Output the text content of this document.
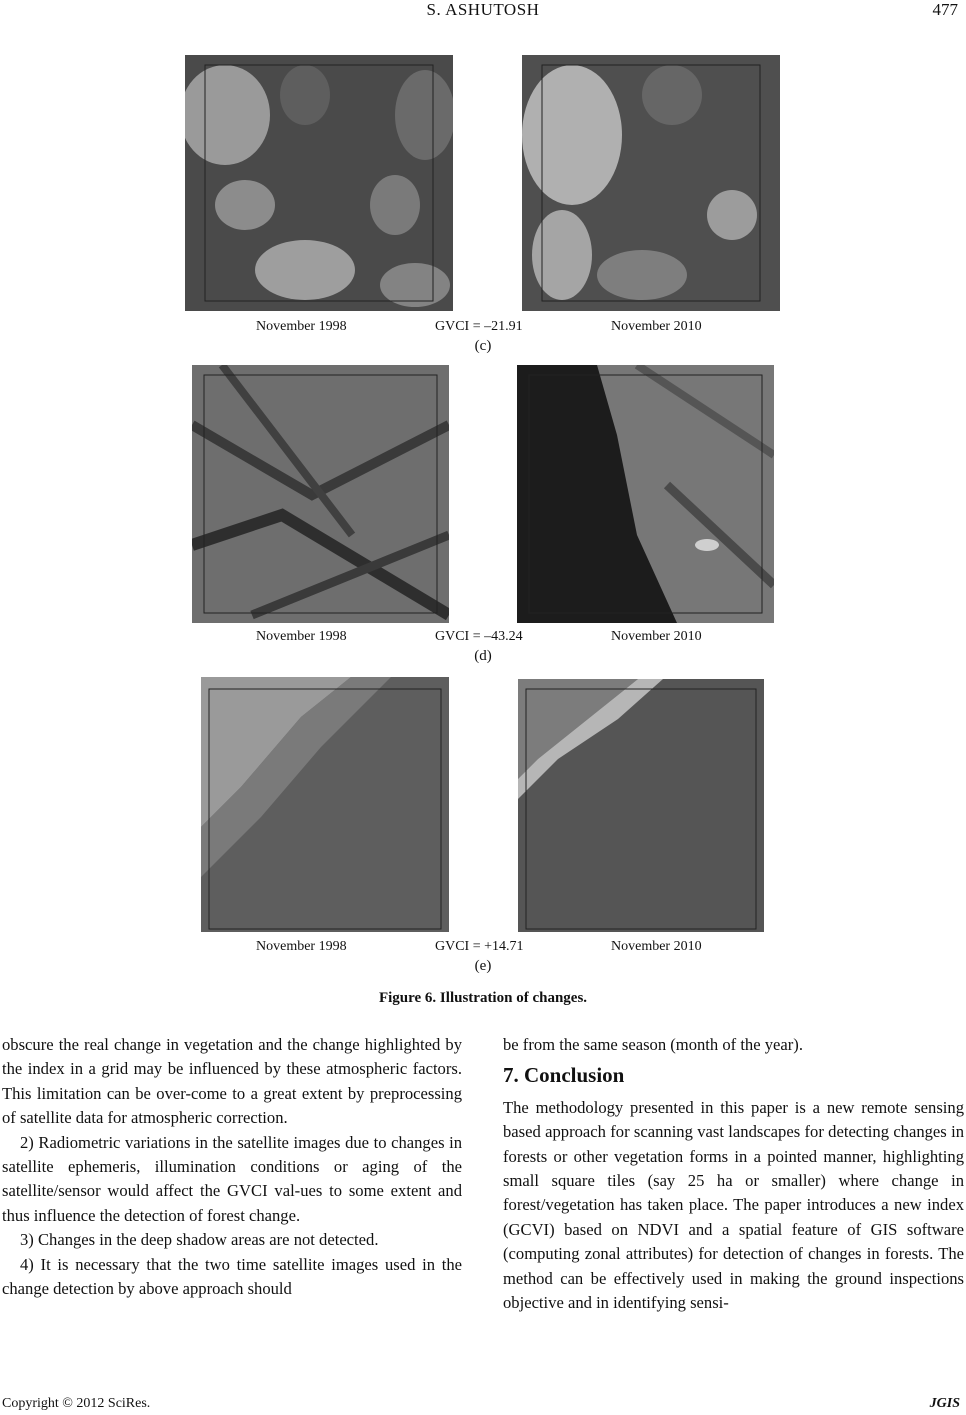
S. ASHUTOSH	477
November 1998	GVCI = –21.91	November 2010
(c)
November 1998	GVCI = –43.24	November 2010
(d)
November 1998	GVCI = +14.71	November 2010
(e)
Figure 6. Illustration of changes.

obscure the real change in vegetation and the change highlighted by the index in a grid may be influenced by these atmospheric factors. This limitation can be over-come to a great extent by preprocessing of satellite data for atmospheric correction.

2) Radiometric variations in the satellite images due to changes in satellite ephemeris, illumination conditions or aging of the satellite/sensor would affect the GVCI val-ues to some extent and thus influence the detection of forest change.

3) Changes in the deep shadow areas are not detected.

4) It is necessary that the two time satellite images used in the change detection by above approach should

be from the same season (month of the year).

7. Conclusion

The methodology presented in this paper is a new remote sensing based approach for scanning vast landscapes for detecting changes in forests or other vegetation forms in a pointed manner, highlighting small square tiles (say 25 ha or smaller) where change in forest/vegetation has taken place. The paper introduces a new index (GCVI) based on NDVI and a spatial feature of GIS software (computing zonal attributes) for detection of changes in forests. The method can be effectively used in making the ground inspections objective and in identifying sensi-

Copyright © 2012 SciRes.	JGIS
